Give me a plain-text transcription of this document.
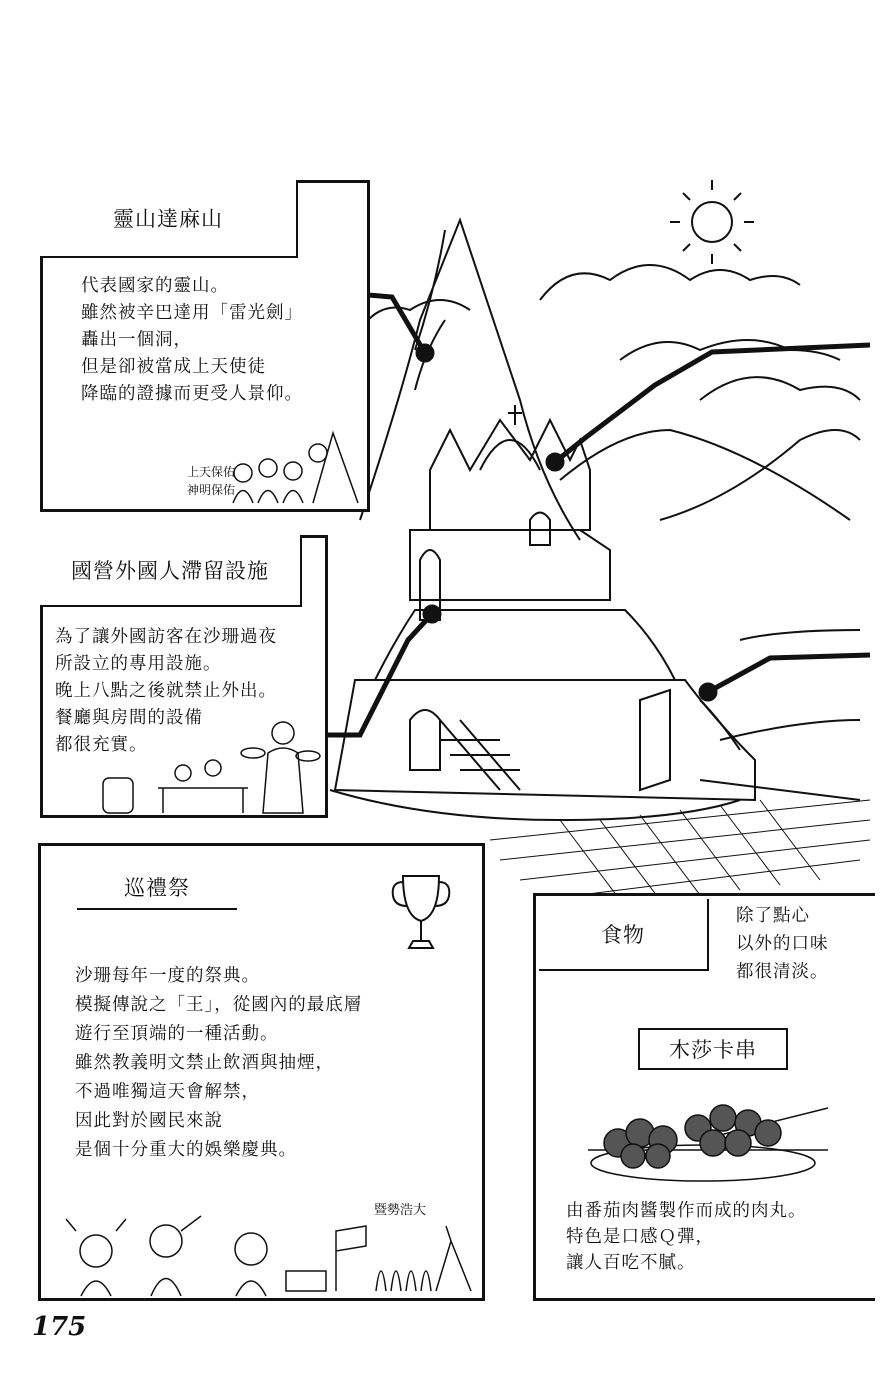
靈山達麻山
代表國家的靈山。
雖然被辛巴達用「雷光劍」
轟出一個洞，
但是卻被當成上天使徒
降臨的證據而更受人景仰。
上天保佑
神明保佑
國營外國人滯留設施
為了讓外國訪客在沙珊過夜
所設立的專用設施。
晚上八點之後就禁止外出。
餐廳與房間的設備
都很充實。
巡禮祭
沙珊每年一度的祭典。
模擬傳說之「王」，從國內的最底層
遊行至頂端的一種活動。
雖然教義明文禁止飲酒與抽煙，
不過唯獨這天會解禁，
因此對於國民來說
是個十分重大的娛樂慶典。
暨勢浩大
食物
除了點心
以外的口味
都很清淡。
木莎卡串
由番茄肉醬製作而成的肉丸。
特色是口感Ｑ彈，
讓人百吃不膩。
175
